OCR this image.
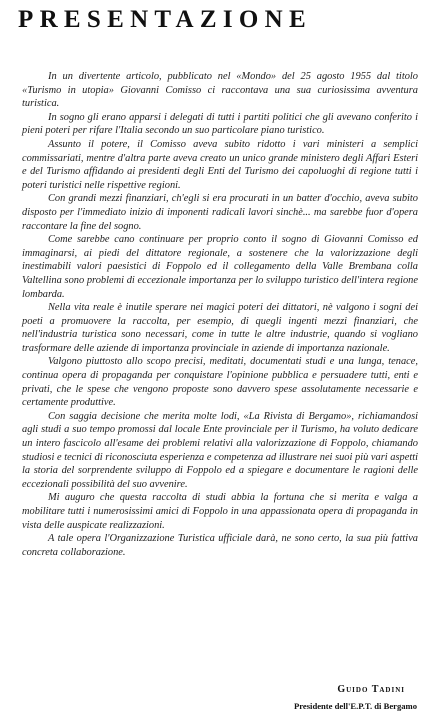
PRESENTAZIONE

In un divertente articolo, pubblicato nel «Mondo» del 25 agosto 1955 dal titolo «Turismo in utopia» Giovanni Comisso ci raccontava una sua curiosissima avventura turistica.

In sogno gli erano apparsi i delegati di tutti i partiti politici che gli avevano conferito i pieni poteri per rifare l'Italia secondo un suo particolare piano turistico.

Assunto il potere, il Comisso aveva subito ridotto i vari ministeri a semplici commissariati, mentre d'altra parte aveva creato un unico grande ministero degli Affari Esteri e del Turismo affidando ai presidenti degli Enti del Turismo dei capoluoghi di regione tutti i poteri turistici nelle rispettive regioni.

Con grandi mezzi finanziari, ch'egli si era procurati in un batter d'occhio, aveva subito disposto per l'immediato inizio di imponenti radicali lavori sinchè... ma sarebbe fuor d'opera raccontare la fine del sogno.

Come sarebbe cano continuare per proprio conto il sogno di Giovanni Comisso ed immaginarsi, ai piedi del dittatore regionale, a sostenere che la valorizzazione degli inestimabili valori paesistici di Foppolo ed il collegamento della Valle Brembana colla Valtellina sono problemi di eccezionale importanza per lo sviluppo turistico dell'intera regione lombarda.

Nella vita reale è inutile sperare nei magici poteri dei dittatori, nè valgono i sogni dei poeti a promuovere la raccolta, per esempio, di quegli ingenti mezzi finanziari, che nell'industria turistica sono necessari, come in tutte le altre industrie, quando si vogliano trasformare delle aziende di importanza provinciale in aziende di importanza nazionale.

Valgono piuttosto allo scopo precisi, meditati, documentati studi e una lunga, tenace, continua opera di propaganda per conquistare l'opinione pubblica e persuadere tutti, enti e privati, che le spese che vengono proposte sono davvero spese assolutamente necessarie e certamente produttive.

Con saggia decisione che merita molte lodi, «La Rivista di Bergamo», richiamandosi agli studi a suo tempo promossi dal locale Ente provinciale per il Turismo, ha voluto dedicare un intero fascicolo all'esame dei problemi relativi alla valorizzazione di Foppolo, chiamando studiosi e tecnici di riconosciuta esperienza e competenza ad illustrare nei suoi più vari aspetti la storia del sorprendente sviluppo di Foppolo ed a spiegare e documentare le ragioni delle eccezionali possibilità del suo avvenire.

Mi auguro che questa raccolta di studi abbia la fortuna che si merita e valga a mobilitare tutti i numerosissimi amici di Foppolo in una appassionata opera di propaganda in vista delle auspicate realizzazioni.

A tale opera l'Organizzazione Turistica ufficiale darà, ne sono certo, la sua più fattiva concreta collaborazione.

Guido Tadini
Presidente dell'E.P.T. di Bergamo
